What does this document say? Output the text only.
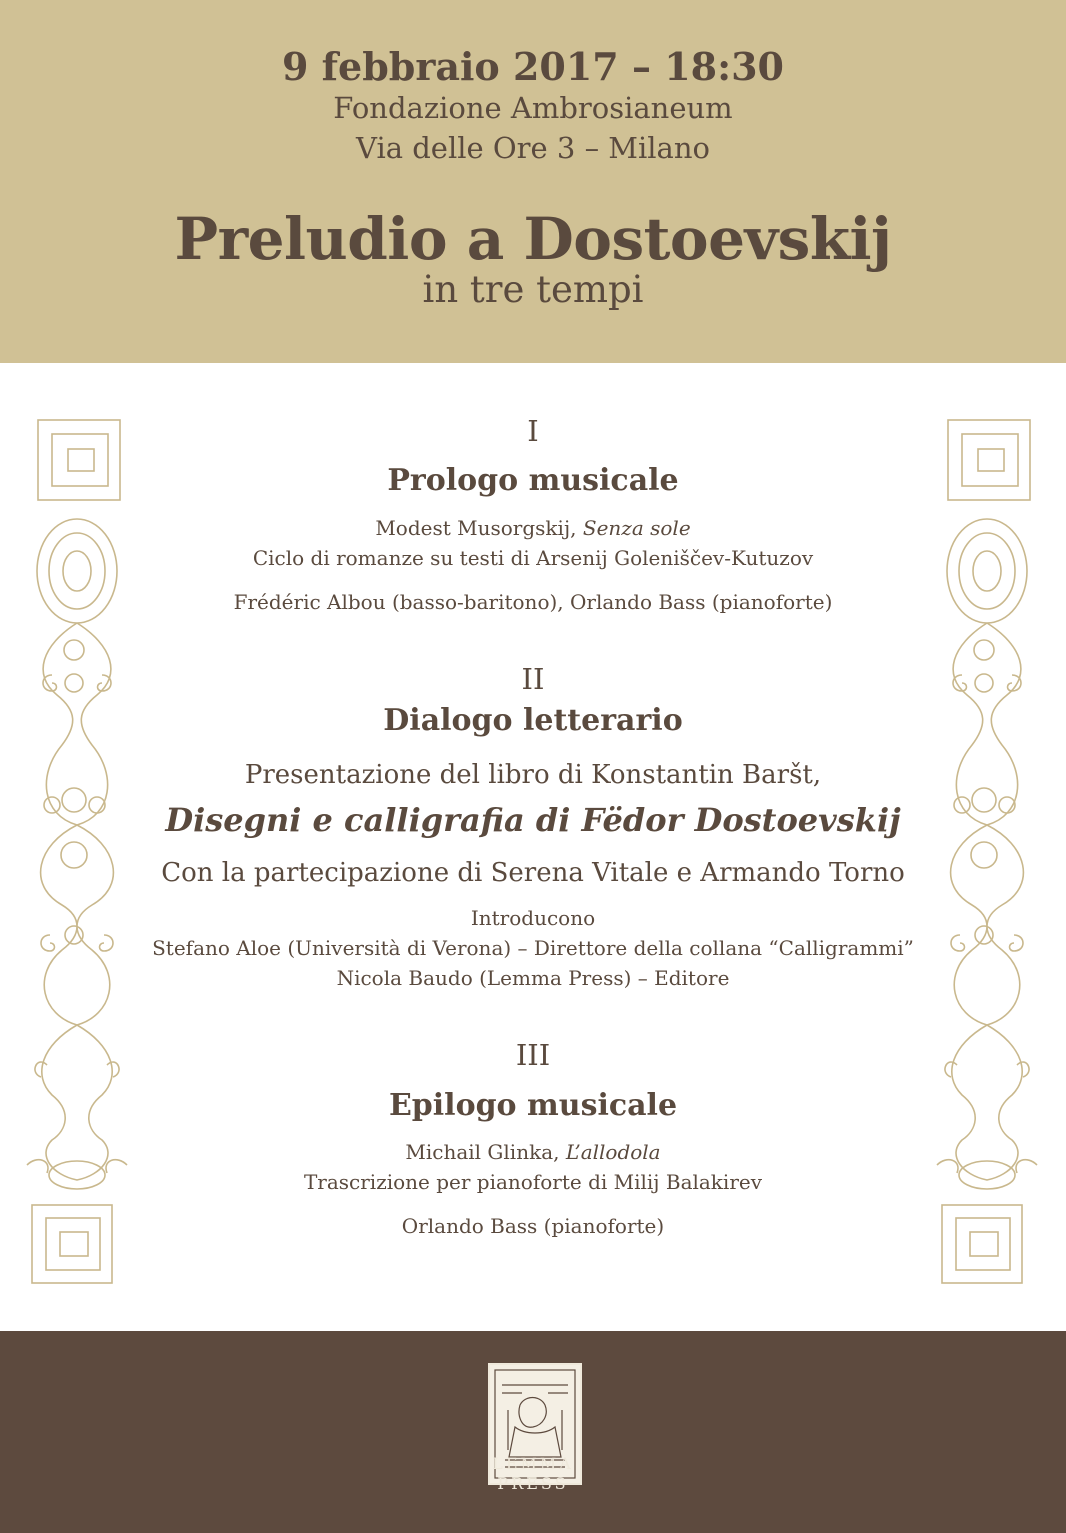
9 febbraio 2017 – 18:30
Fondazione Ambrosianeum
Via delle Ore 3 – Milano
Preludio a Dostoevskij
in tre tempi
I
Prologo musicale
Modest Musorgskij, Senza sole
Ciclo di romanze su testi di Arsenij Goleniščev-Kutuzov
Frédéric Albou (basso-baritono), Orlando Bass (pianoforte)
II
Dialogo letterario
Presentazione del libro di Konstantin Baršt,
Disegni e calligrafia di Fëdor Dostoevskij
Con la partecipazione di Serena Vitale e Armando Torno
Introducono
Stefano Aloe (Università di Verona) – Direttore della collana “Calligrammi”
Nicola Baudo (Lemma Press) – Editore
III
Epilogo musicale
Michail Glinka, L’allodola
Trascrizione per pianoforte di Milij Balakirev
Orlando Bass (pianoforte)
LEMMA
PRESS
